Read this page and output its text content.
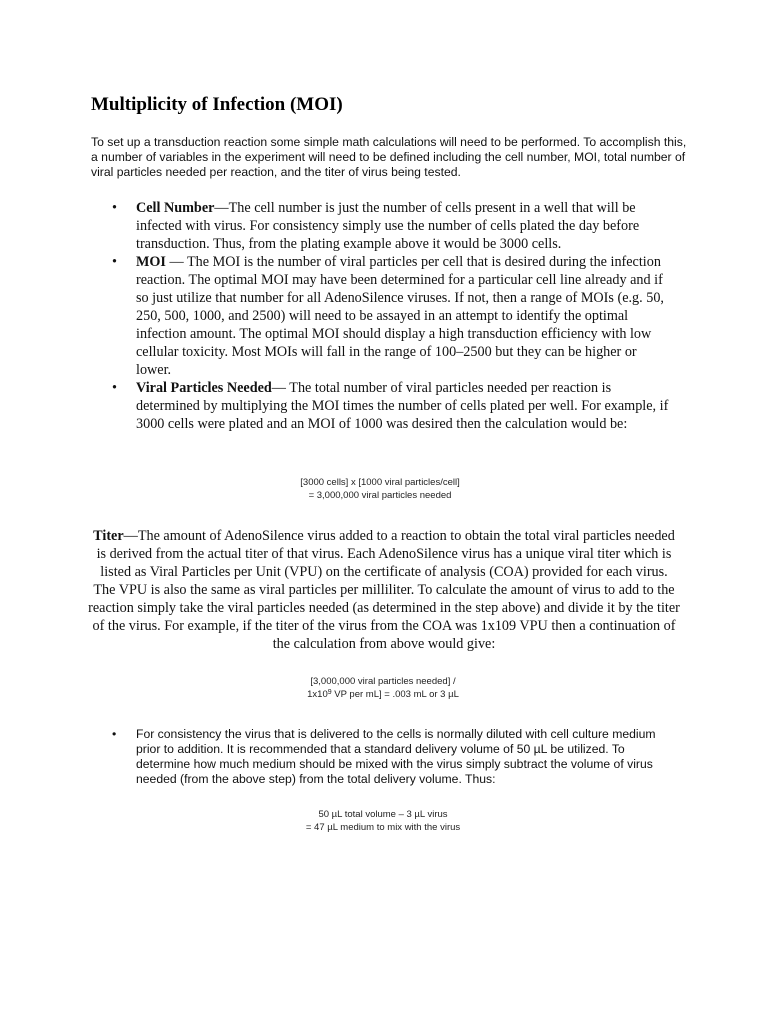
Multiplicity of Infection (MOI)

To set up a transduction reaction some simple math calculations will need to be performed. To accomplish this, a number of variables in the experiment will need to be defined including the cell number, MOI, total number of viral particles needed per reaction, and the titer of virus being tested.

• Cell Number—The cell number is just the number of cells present in a well that will be infected with virus. For consistency simply use the number of cells plated the day before transduction. Thus, from the plating example above it would be 3000 cells.
• MOI — The MOI is the number of viral particles per cell that is desired during the infection reaction. The optimal MOI may have been determined for a particular cell line already and if so just utilize that number for all AdenoSilence viruses. If not, then a range of MOIs (e.g. 50, 250, 500, 1000, and 2500) will need to be assayed in an attempt to identify the optimal infection amount. The optimal MOI should display a high transduction efficiency with low cellular toxicity. Most MOIs will fall in the range of 100–2500 but they can be higher or lower.
• Viral Particles Needed— The total number of viral particles needed per reaction is determined by multiplying the MOI times the number of cells plated per well. For example, if 3000 cells were plated and an MOI of 1000 was desired then the calculation would be:
[3000 cells] x [1000 viral particles/cell]
= 3,000,000 viral particles needed

Titer—The amount of AdenoSilence virus added to a reaction to obtain the total viral particles needed is derived from the actual titer of that virus. Each AdenoSilence virus has a unique viral titer which is listed as Viral Particles per Unit (VPU) on the certificate of analysis (COA) provided for each virus. The VPU is also the same as viral particles per milliliter. To calculate the amount of virus to add to the reaction simply take the viral particles needed (as determined in the step above) and divide it by the titer of the virus. For example, if the titer of the virus from the COA was 1x109 VPU then a continuation of the calculation from above would give:

[3,000,000 viral particles needed] /
$1x10^9$ VP per mL] = .003 mL or 3 µL
• For consistency the virus that is delivered to the cells is normally diluted with cell culture medium prior to addition. It is recommended that a standard delivery volume of 50 µL be utilized. To determine how much medium should be mixed with the virus simply subtract the volume of virus needed (from the above step) from the total delivery volume. Thus:
50 µL total volume – 3 µL virus
= 47 µL medium to mix with the virus
